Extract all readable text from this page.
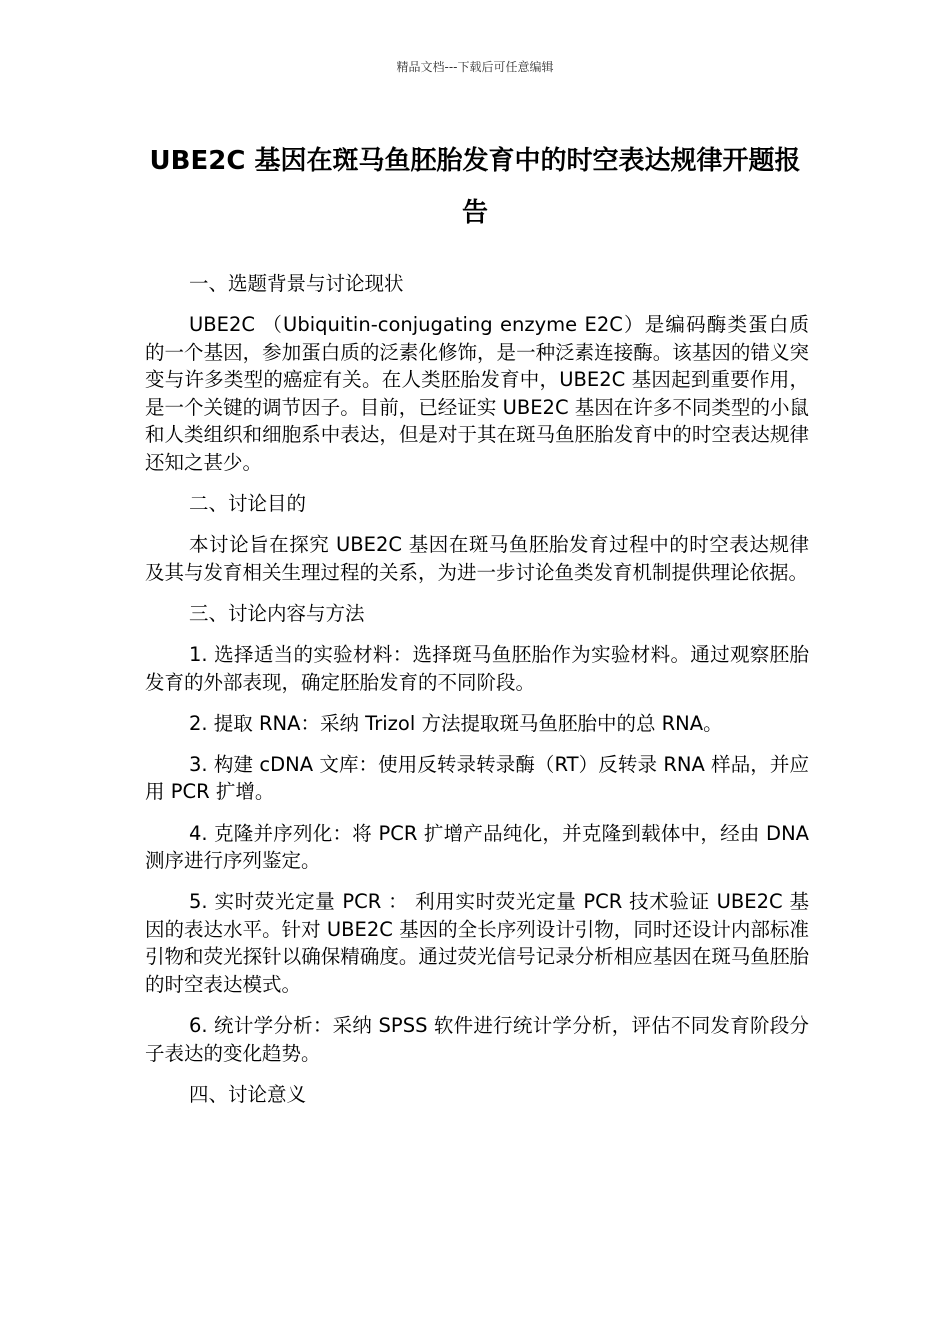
精品文档---下载后可任意编辑
UBE2C 基因在斑马鱼胚胎发育中的时空表达规律开题报告

一、选题背景与讨论现状

UBE2C （Ubiquitin-conjugating enzyme E2C）是编码酶类蛋白质的一个基因，参加蛋白质的泛素化修饰，是一种泛素连接酶。该基因的错义突变与许多类型的癌症有关。在人类胚胎发育中，UBE2C 基因起到重要作用，是一个关键的调节因子。目前，已经证实 UBE2C 基因在许多不同类型的小鼠和人类组织和细胞系中表达，但是对于其在斑马鱼胚胎发育中的时空表达规律还知之甚少。

二、讨论目的

本讨论旨在探究 UBE2C 基因在斑马鱼胚胎发育过程中的时空表达规律及其与发育相关生理过程的关系，为进一步讨论鱼类发育机制提供理论依据。

三、讨论内容与方法

1. 选择适当的实验材料：选择斑马鱼胚胎作为实验材料。通过观察胚胎发育的外部表现，确定胚胎发育的不同阶段。

2. 提取 RNA：采纳 Trizol 方法提取斑马鱼胚胎中的总 RNA。

3. 构建 cDNA 文库：使用反转录转录酶（RT）反转录 RNA 样品，并应用 PCR 扩增。

4. 克隆并序列化：将 PCR 扩增产品纯化，并克隆到载体中，经由 DNA 测序进行序列鉴定。

5. 实时荧光定量 PCR ： 利用实时荧光定量 PCR 技术验证 UBE2C 基因的表达水平。针对 UBE2C 基因的全长序列设计引物，同时还设计内部标准引物和荧光探针以确保精确度。通过荧光信号记录分析相应基因在斑马鱼胚胎的时空表达模式。

6. 统计学分析：采纳 SPSS 软件进行统计学分析，评估不同发育阶段分子表达的变化趋势。

四、讨论意义
